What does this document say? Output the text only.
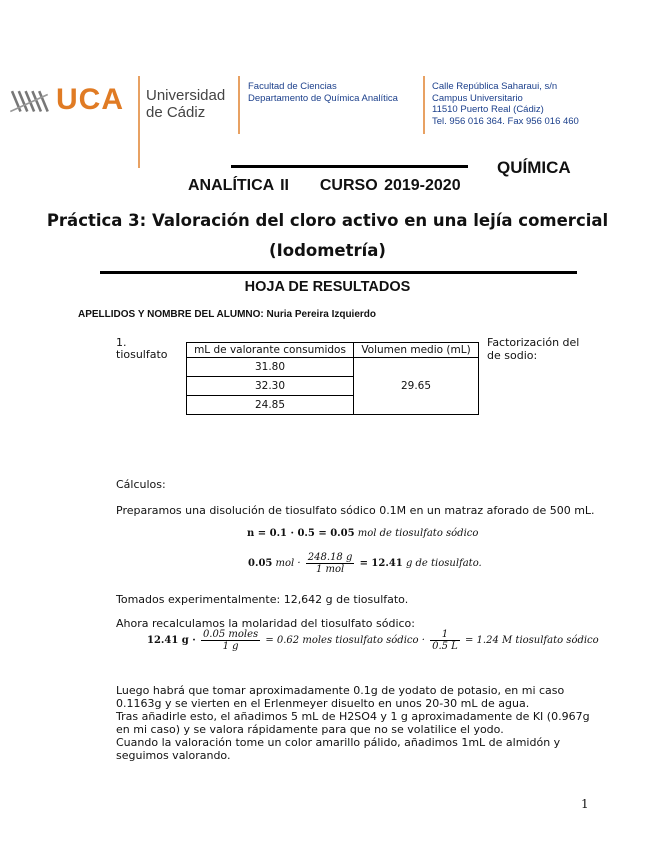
UCA Universidad
de Cádiz
Facultad de Ciencias
Departamento de Química Analítica
Calle República Saharaui, s/n
Campus Universitario
11510 Puerto Real (Cádiz)
Tel. 956 016 364. Fax 956 016 460
QUÍMICA
ANALÍTICA II CURSO 2019-2020
Práctica 3: Valoración del cloro activo en una lejía comercial
(Iodometría)
HOJA DE RESULTADOS
APELLIDOS Y NOMBRE DEL ALUMNO: Nuria Pereira Izquierdo
1.
tiosulfato
Factorización del
de sodio:
mL de valorante consumidos	Volumen medio (mL)
31.80	29.65
32.30	
24.85	
Cálculos:
Preparamos una disolución de tiosulfato sódico 0.1M en un matraz aforado de 500 mL.
n = 0.1 · 0.5 = 0.05 mol de tiosulfato sódico
0.05 mol · $\frac{248.18 g}{\text{1 mol}} = 12.41$ g de tiosulfato.
Tomados experimentalmente: 12,642 g de tiosulfato.
Ahora recalculamos la molaridad del tiosulfato sódico:
12.41 $g \cdot \frac{\text{0.05 moles}}{1 g} = 0.62$ moles tiosulfato sódico · $\frac{1}{0.5 L} = 1.24$ M tiosulfato sódico
Luego habrá que tomar aproximadamente 0.1g de yodato de potasio, en mi caso
0.1163g y se vierten en el Erlenmeyer disuelto en unos 20-30 mL de agua.
Tras añadirle esto, el añadimos 5 mL de H2SO4 y 1 g aproximadamente de KI (0.967g
en mi caso) y se valora rápidamente para que no se volatilice el yodo.
Cuando la valoración tome un color amarillo pálido, añadimos 1mL de almidón y
seguimos valorando.
1
